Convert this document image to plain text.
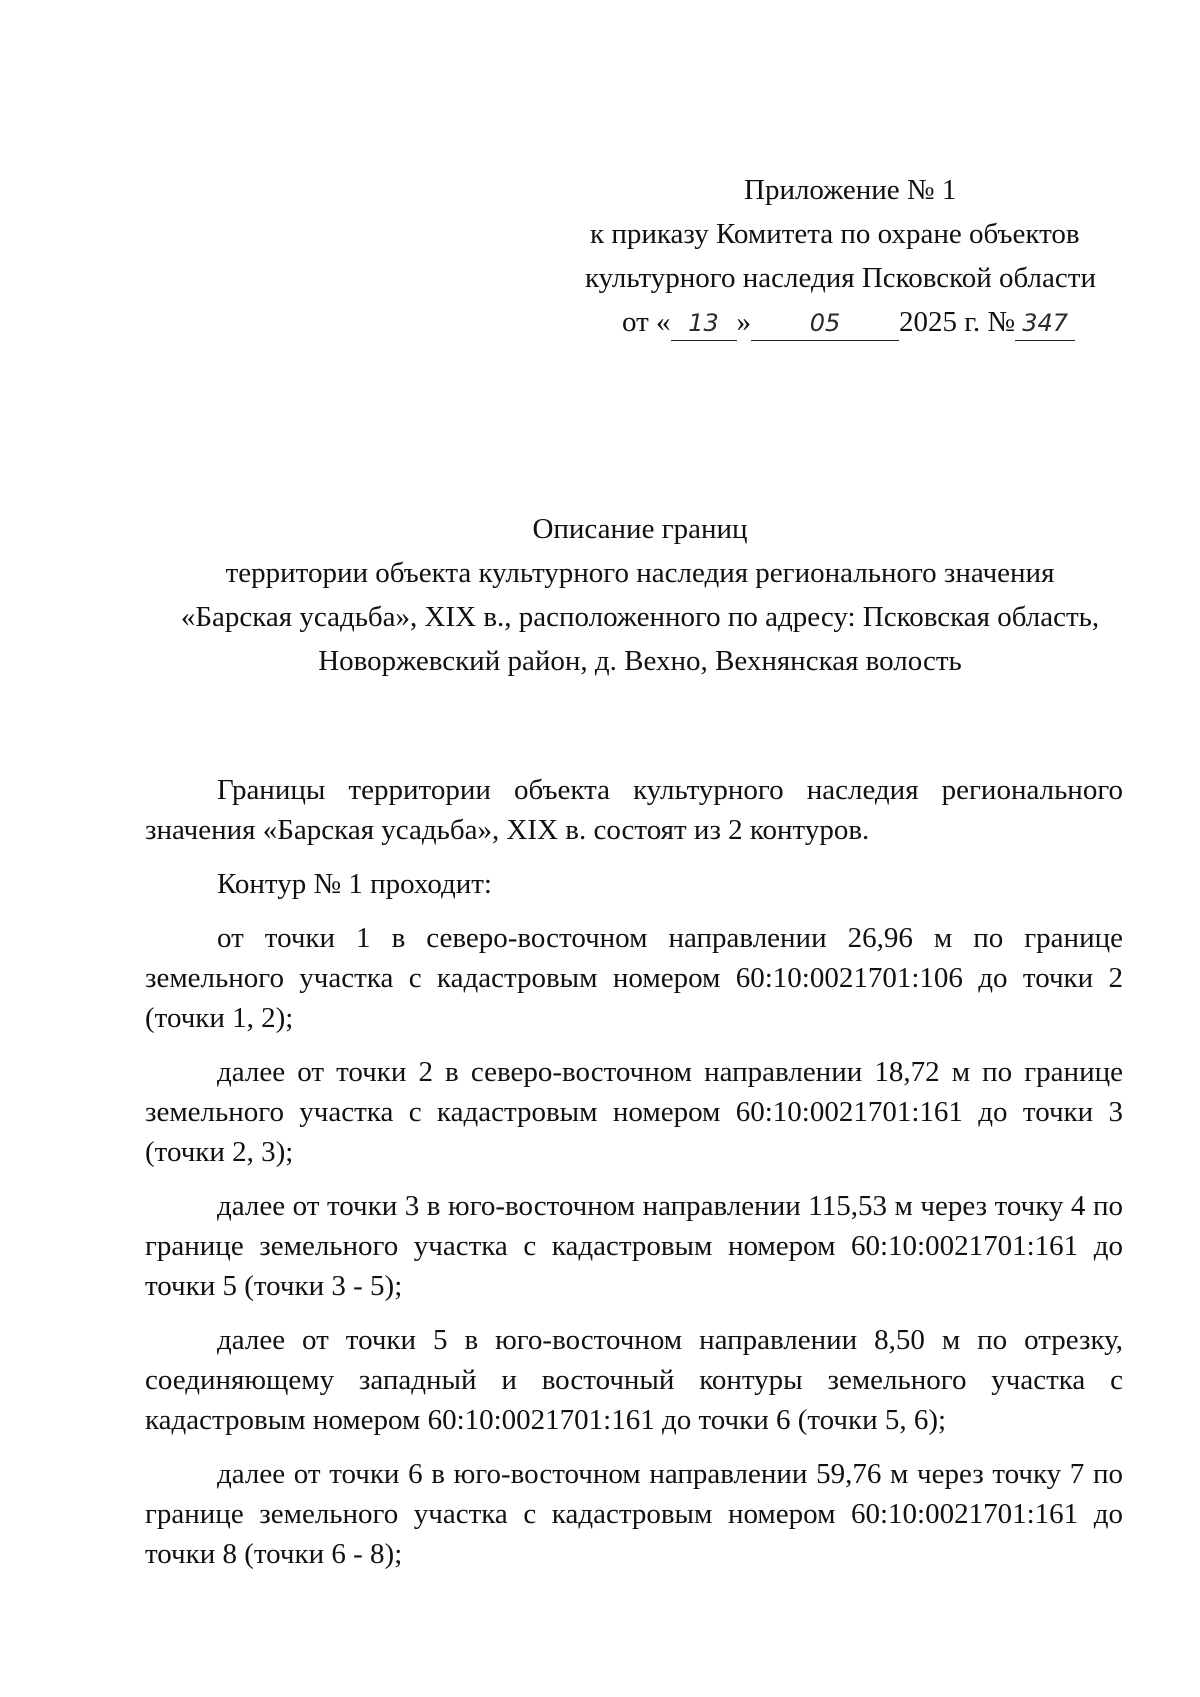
Приложение № 1
к приказу Комитета по охране объектов
культурного наследия Псковской области
от « 13 » 05 2025 г. № 347
Описание границ
территории объекта культурного наследия регионального значения
«Барская усадьба», XIX в., расположенного по адресу: Псковская область,
Новоржевский район, д. Вехно, Вехнянская волость

Границы территории объекта культурного наследия регионального значения «Барская усадьба», XIX в. состоят из 2 контуров.

Контур № 1 проходит:

от точки 1 в северо-восточном направлении 26,96 м по границе земельного участка с кадастровым номером 60:10:0021701:106 до точки 2 (точки 1, 2);

далее от точки 2 в северо-восточном направлении 18,72 м по границе земельного участка с кадастровым номером 60:10:0021701:161 до точки 3 (точки 2, 3);

далее от точки 3 в юго-восточном направлении 115,53 м через точку 4 по границе земельного участка с кадастровым номером 60:10:0021701:161 до точки 5 (точки 3 - 5);

далее от точки 5 в юго-восточном направлении 8,50 м по отрезку, соединяющему западный и восточный контуры земельного участка с кадастровым номером 60:10:0021701:161 до точки 6 (точки 5, 6);

далее от точки 6 в юго-восточном направлении 59,76 м через точку 7 по границе земельного участка с кадастровым номером 60:10:0021701:161 до точки 8 (точки 6 - 8);
